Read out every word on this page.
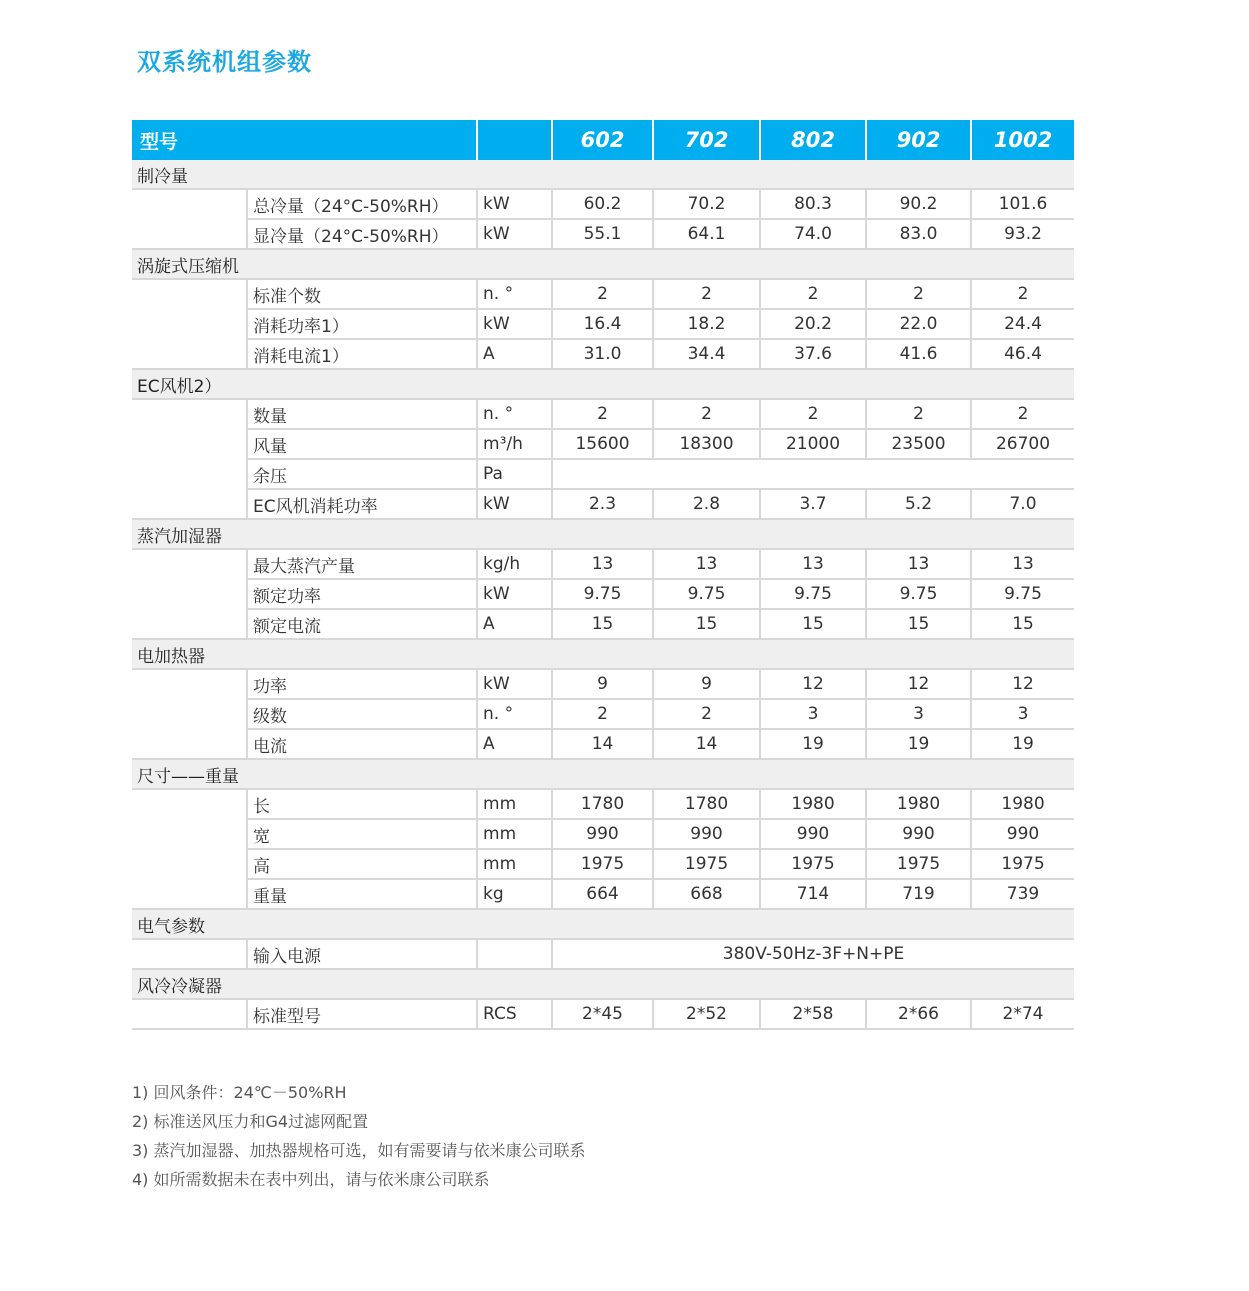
双系统机组参数
型号			602	702	802	902	1002
制冷量							
	总冷量（24°C-50%RH）	kW	60.2	70.2	80.3	90.2	101.6
	显冷量（24°C-50%RH）	kW	55.1	64.1	74.0	83.0	93.2
涡旋式压缩机							
	标准个数	n. °	2	2	2	2	2
	消耗功率1）	kW	16.4	18.2	20.2	22.0	24.4
	消耗电流1）	A	31.0	34.4	37.6	41.6	46.4
EC风机2）							
	数量	n. °	2	2	2	2	2
	风量	m³/h	15600	18300	21000	23500	26700
	余压	Pa					
	EC风机消耗功率	kW	2.3	2.8	3.7	5.2	7.0
蒸汽加湿器							
	最大蒸汽产量	kg/h	13	13	13	13	13
	额定功率	kW	9.75	9.75	9.75	9.75	9.75
	额定电流	A	15	15	15	15	15
电加热器							
	功率	kW	9	9	12	12	12
	级数	n. °	2	2	3	3	3
	电流	A	14	14	19	19	19
尺寸——重量							
	长	mm	1780	1780	1980	1980	1980
	宽	mm	990	990	990	990	990
	高	mm	1975	1975	1975	1975	1975
	重量	kg	664	668	714	719	739
电气参数							
	输入电源		380V-50Hz-3F+N+PE				
风冷冷凝器							
	标准型号	RCS	2*45	2*52	2*58	2*66	2*74
1) 回风条件：24℃－50%RH
2) 标准送风压力和G4过滤网配置
3) 蒸汽加湿器、加热器规格可选，如有需要请与依米康公司联系
4) 如所需数据未在表中列出，请与依米康公司联系
